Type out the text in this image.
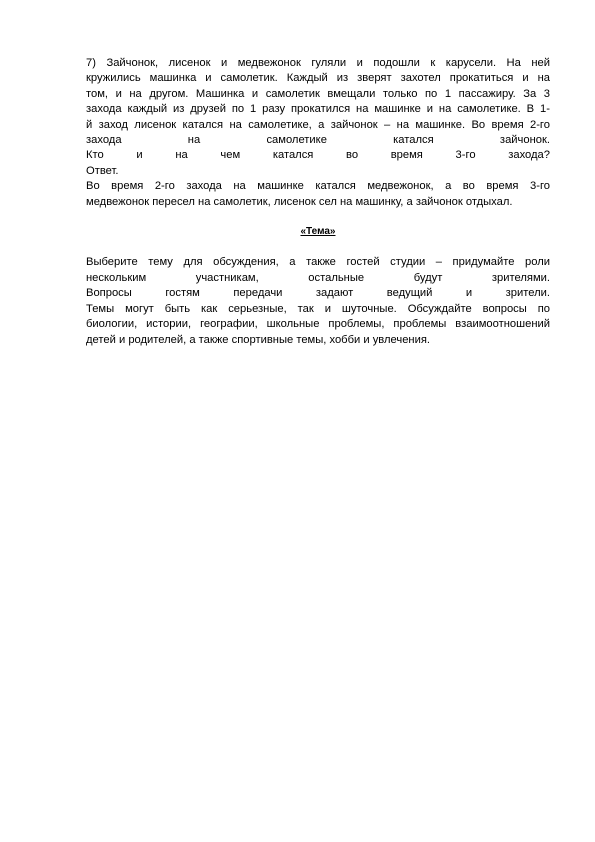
7) Зайчонок, лисенок и медвежонок гуляли и подошли к карусели. На ней

кружились машинка и самолетик. Каждый из зверят захотел прокатиться и на

том, и на другом. Машинка и самолетик вмещали только по 1 пассажиру. За 3

захода каждый из друзей по 1 разу прокатился на машинке и на самолетике. В 1-

й заход лисенок катался на самолетике, а зайчонок – на машинке. Во время 2-го

захода на самолетике катался зайчонок.

Кто и на чем катался во время 3-го захода?

Ответ.

Во время 2-го захода на машинке катался медвежонок, а во время 3-го

медвежонок пересел на самолетик, лисенок сел на машинку, а зайчонок отдыхал.

«Тема»

Выберите тему для обсуждения, а также гостей студии – придумайте роли

нескольким участникам, остальные будут зрителями.

Вопросы гостям передачи задают ведущий и зрители.

Темы могут быть как серьезные, так и шуточные. Обсуждайте вопросы по

биологии, истории, географии, школьные проблемы, проблемы взаимоотношений

детей и родителей, а также спортивные темы, хобби и увлечения.
